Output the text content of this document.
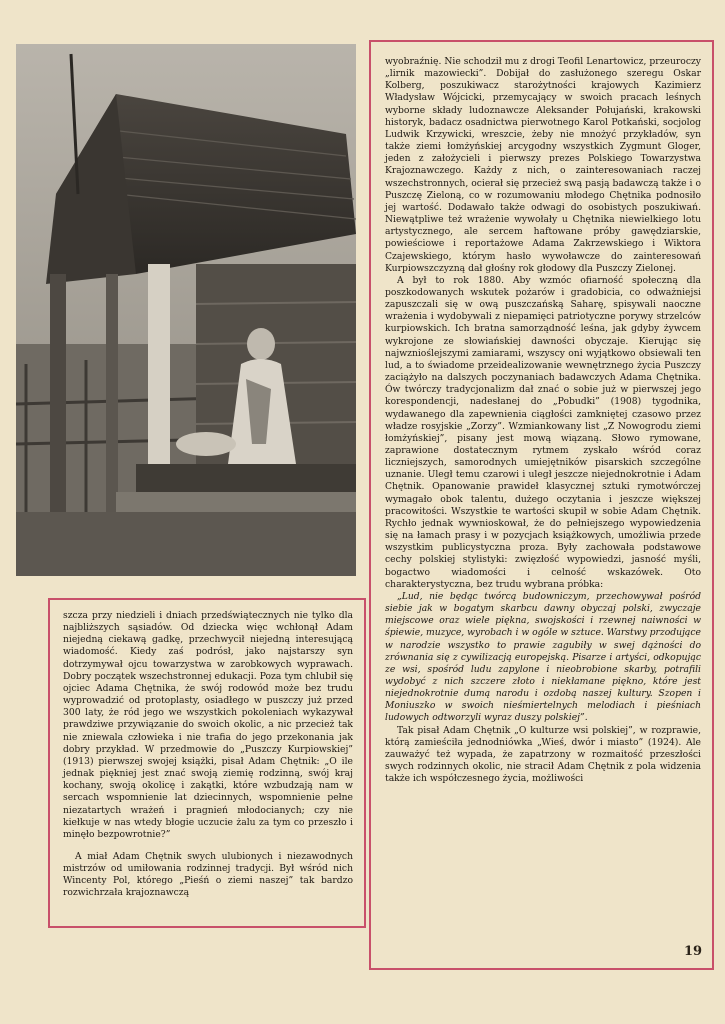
wyobraźnię. Nie schodził mu z drogi Teofil Lenartowicz, przeuroczy „lirnik mazowiecki”. Dobijał do zasłużonego szeregu Oskar Kolberg, poszukiwacz starożytności krajowych Kazimierz Władysław Wójcicki, przemycający w swoich pracach leśnych wyborne składy ludoznawcze Aleksander Połujański, krakowski historyk, badacz osadnictwa pierwotnego Karol Potkański, socjolog Ludwik Krzywicki, wreszcie, żeby nie mnożyć przykładów, syn także ziemi łomżyńskiej arcygodny wszystkich Zygmunt Gloger, jeden z założycieli i pierwszy prezes Polskiego Towarzystwa Krajoznawczego. Każdy z nich, o zainteresowaniach raczej wszechstronnych, ocierał się przecież swą pasją badawczą także i o Puszczę Zieloną, co w rozumowaniu młodego Chętnika podnosiło jej wartość. Dodawało także odwagi do osobistych poszukiwań. Niewątpliwe też wrażenie wywołały u Chętnika niewielkiego lotu artystycznego, ale sercem haftowane próby gawędziarskie, powieściowe i reportażowe Adama Zakrzewskiego i Wiktora Czajewskiego, którym hasło wywoławcze do zainteresowań Kurpiowszczyzną dał głośny rok głodowy dla Puszczy Zielonej.

A był to rok 1880. Aby wzmóc ofiarność społeczną dla poszkodowanych wskutek pożarów i gradobicia, co odważniejsi zapuszczali się w ową puszczańską Saharę, spisywali naoczne wrażenia i wydobywali z niepamięci patriotyczne porywy strzelców kurpiowskich. Ich bratna samorządność leśna, jak gdyby żywcem wykrojone ze słowiańskiej dawności obyczaje. Kierując się najwznioślejszymi zamiarami, wszyscy oni wyjątkowo obsiewali ten lud, a to świadome przeidealizowanie wewnętrznego życia Puszczy zaciążyło na dalszych poczynaniach badawczych Adama Chętnika. Ów twórczy tradycjonalizm dał znać o sobie już w pierwszej jego korespondencji, nadesłanej do „Pobudki” (1908) tygodnika, wydawanego dla zapewnienia ciągłości zamkniętej czasowo przez władze rosyjskie „Zorzy”. Wzmiankowany list „Z Nowogrodu ziemi łomżyńskiej”, pisany jest mową wiązaną. Słowo rymowane, zaprawione dostatecznym rytmem zyskało wśród coraz liczniejszych, samorodnych umiejętników pisarskich szczególne uznanie. Uległ temu czarowi i uległ jeszcze niejednokrotnie i Adam Chętnik. Opanowanie prawideł klasycznej sztuki rymotwórczej wymagało obok talentu, dużego oczytania i jeszcze większej pracowitości. Wszystkie te wartości skupił w sobie Adam Chętnik. Rychło jednak wywnioskował, że do pełniejszego wypowiedzenia się na łamach prasy i w pozycjach książkowych, umożliwia przede wszystkim publicystyczna proza. Były zachowała podstawowe cechy polskiej stylistyki: zwięzłość wypowiedzi, jasność myśli, bogactwo wiadomości i celność wskazówek. Oto charakterystyczna, bez trudu wybrana próbka:

„Lud, nie będąc twórcą budowniczym, przechowywał pośród siebie jak w bogatym skarbcu dawny obyczaj polski, zwyczaje miejscowe oraz wiele piękna, swojskości i rzewnej naiwności w śpiewie, muzyce, wyrobach i w ogóle w sztuce. Warstwy przodujące w narodzie wszystko to prawie zagubiły w swej dążności do zrównania się z cywilizacją europejską. Pisarze i artyści, odkopując ze wsi, spośród ludu zapylone i nieobrobione skarby, potrafili wydobyć z nich szczere złoto i niekłamane piękno, które jest niejednokrotnie dumą narodu i ozdobą naszej kultury. Szopen i Moniuszko w swoich nieśmiertelnych melodiach i pieśniach ludowych odtworzyli wyraz duszy polskiej”.

Tak pisał Adam Chętnik „O kulturze wsi polskiej”, w rozprawie, którą zamieściła jednodniówka „Wieś, dwór i miasto” (1924). Ale zauważyć też wypada, że zapatrzony w rozmaitość przeszłości swych rodzinnych okolic, nie stracił Adam Chętnik z pola widzenia także ich współczesnego życia, możliwości

szcza przy niedzieli i dniach przedświątecznych nie tylko dla najbliższych sąsiadów. Od dziecka więc wchłonął Adam niejedną ciekawą gadkę, przechwycił niejedną interesującą wiadomość. Kiedy zaś podrósł, jako najstarszy syn dotrzymywał ojcu towarzystwa w zarobkowych wyprawach. Dobry początek wszechstronnej edukacji. Poza tym chlubił się ojciec Adama Chętnika, że swój rodowód może bez trudu wyprowadzić od protoplasty, osiadłego w puszczy już przed 300 laty, że ród jego we wszystkich pokoleniach wykazywał prawdziwe przywiązanie do swoich okolic, a nic przecież tak nie zniewala człowieka i nie trafia do jego przekonania jak dobry przykład. W przedmowie do „Puszczy Kurpiowskiej” (1913) pierwszej swojej książki, pisał Adam Chętnik: „O ile jednak piękniej jest znać swoją ziemię rodzinną, swój kraj kochany, swoją okolicę i zakątki, które wzbudzają nam w sercach wspomnienie lat dziecinnych, wspomnienie pełne niezatartych wrażeń i pragnień młodocianych; czy nie kiełkuje w nas wtedy błogie uczucie żalu za tym co przeszło i minęło bezpowrotnie?”

A miał Adam Chętnik swych ulubionych i niezawodnych mistrzów od umiłowania rodzinnej tradycji. Był wśród nich Wincenty Pol, którego „Pieśń o ziemi naszej” tak bardzo rozwichrzała krajoznawczą

19
